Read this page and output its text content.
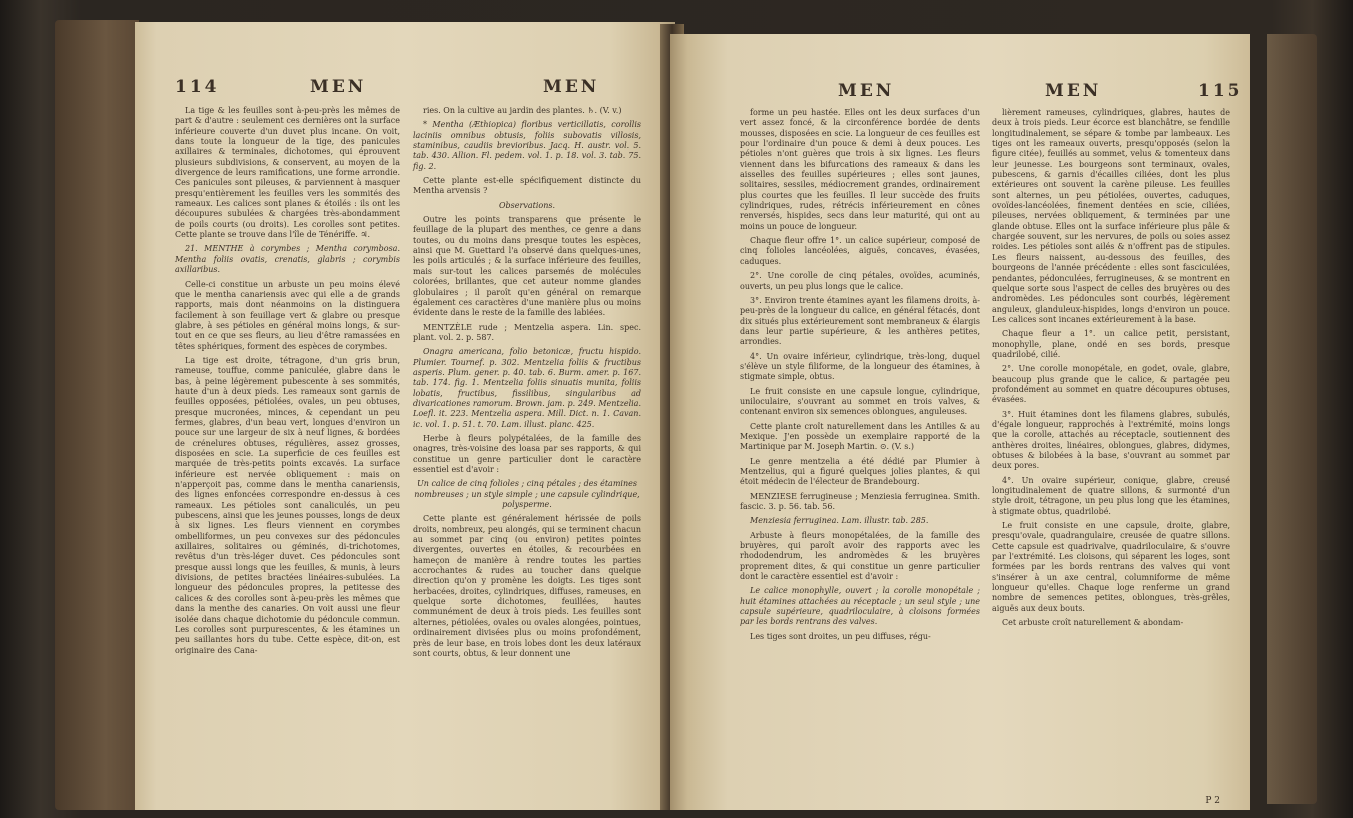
114	MEN	MEN

La tige & les feuilles sont à-peu-près les mêmes de part & d'autre : seulement ces dernières ont la surface inférieure couverte d'un duvet plus incane. On voit, dans toute la longueur de la tige, des panicules axillaires & terminales, dichotomes, qui éprouvent plusieurs subdivisions, & conservent, au moyen de la divergence de leurs ramifications, une forme arrondie. Ces panicules sont pileuses, & parviennent à masquer presqu'entièrement les feuilles vers les sommités des rameaux. Les calices sont planes & étoilés : ils ont les découpures subulées & chargées très-abondamment de poils courts (ou droits). Les corolles sont petites. Cette plante se trouve dans l'île de Ténériffe. ♃.

21. MENTHE à corymbes ; Mentha corymbosa. Mentha foliis ovatis, crenatis, glabris ; corymbis axillaribus.

Celle-ci constitue un arbuste un peu moins élevé que le mentha canariensis avec qui elle a de grands rapports, mais dont néanmoins on la distinguera facilement à son feuillage vert & glabre ou presque glabre, à ses pétioles en général moins longs, & sur-tout en ce que ses fleurs, au lieu d'être ramassées en têtes sphériques, forment des espèces de corymbes.

La tige est droite, tétragone, d'un gris brun, rameuse, touffue, comme paniculée, glabre dans le bas, à peine légèrement pubescente à ses sommités, haute d'un à deux pieds. Les rameaux sont garnis de feuilles opposées, pétiolées, ovales, un peu obtuses, presque mucronées, minces, & cependant un peu fermes, glabres, d'un beau vert, longues d'environ un pouce sur une largeur de six à neuf lignes, & bordées de crénelures obtuses, régulières, assez grosses, disposées en scie. La superficie de ces feuilles est marquée de très-petits points excavés. La surface inférieure est nervée obliquement : mais on n'apperçoit pas, comme dans le mentha canariensis, des lignes enfoncées correspondre en-dessus à ces rameaux. Les pétioles sont canaliculés, un peu pubescens, ainsi que les jeunes pousses, longs de deux à six lignes. Les fleurs viennent en corymbes ombelliformes, un peu convexes sur des pédoncules axillaires, solitaires ou géminés, di-trichotomes, revêtus d'un très-léger duvet. Ces pédoncules sont presque aussi longs que les feuilles, & munis, à leurs divisions, de petites bractées linéaires-subulées. La longueur des pédoncules propres, la petitesse des calices & des corolles sont à-peu-près les mêmes que dans la menthe des canaries. On voit aussi une fleur isolée dans chaque dichotomie du pédoncule commun. Les corolles sont purpurescentes, & les étamines un peu saillantes hors du tube. Cette espèce, dit-on, est originaire des Cana-

ries. On la cultive au jardin des plantes. ♄. (V. v.)

* Mentha (Æthiopica) floribus verticillatis, corollis laciniis omnibus obtusis, foliis subovatis villosis, staminibus, caudiis brevioribus. Jacq. H. austr. vol. 5. tab. 430. Allion. Fl. pedem. vol. 1. p. 18. vol. 3. tab. 75. fig. 2.

Cette plante est-elle spécifiquement distincte du Mentha arvensis ?

Observations.

Outre les points transparens que présente le feuillage de la plupart des menthes, ce genre a dans toutes, ou du moins dans presque toutes les espèces, ainsi que M. Guettard l'a observé dans quelques-unes, les poils articulés ; & la surface inférieure des feuilles, mais sur-tout les calices parsemés de molécules colorées, brillantes, que cet auteur nomme glandes globulaires ; il paroît qu'en général on remarque également ces caractères d'une manière plus ou moins évidente dans le reste de la famille des labiées.

MENTZÈLE rude ; Mentzelia aspera. Lin. spec. plant. vol. 2. p. 587.

Onagra americana, folio betonicæ, fructu hispido. Plumier. Tournef. p. 302. Mentzelia foliis & fructibus asperis. Plum. gener. p. 40. tab. 6. Burm. amer. p. 167. tab. 174. fig. 1. Mentzelia foliis sinuatis munita, foliis lobatis, fructibus, fissilibus, singularibus ad divaricationes ramorum. Brown. jam. p. 249. Mentzelia. Loefl. it. 223. Mentzelia aspera. Mill. Dict. n. 1. Cavan. ic. vol. 1. p. 51. t. 70. Lam. illust. planc. 425.

Herbe à fleurs polypétalées, de la famille des onagres, très-voisine des loasa par ses rapports, & qui constitue un genre particulier dont le caractère essentiel est d'avoir :

Un calice de cinq folioles ; cinq pétales ; des étamines nombreuses ; un style simple ; une capsule cylindrique, polysperme.

Cette plante est généralement hérissée de poils droits, nombreux, peu alongés, qui se terminent chacun au sommet par cinq (ou environ) petites pointes divergentes, ouvertes en étoiles, & recourbées en hameçon de manière à rendre toutes les parties accrochantes & rudes au toucher dans quelque direction qu'on y promène les doigts. Les tiges sont herbacées, droites, cylindriques, diffuses, rameuses, en quelque sorte dichotomes, feuillées, hautes communément de deux à trois pieds. Les feuilles sont alternes, pétiolées, ovales ou ovales alongées, pointues, ordinairement divisées plus ou moins profondément, près de leur base, en trois lobes dont les deux latéraux sont courts, obtus, & leur donnent une

MEN	MEN	115

forme un peu hastée. Elles ont les deux surfaces d'un vert assez foncé, & la circonférence bordée de dents mousses, disposées en scie. La longueur de ces feuilles est pour l'ordinaire d'un pouce & demi à deux pouces. Les pétioles n'ont guères que trois à six lignes. Les fleurs viennent dans les bifurcations des rameaux & dans les aisselles des feuilles supérieures ; elles sont jaunes, solitaires, sessiles, médiocrement grandes, ordinairement plus courtes que les feuilles. Il leur succède des fruits cylindriques, rudes, rétrécis inférieurement en cônes renversés, hispides, secs dans leur maturité, qui ont au moins un pouce de longueur.

Chaque fleur offre 1°. un calice supérieur, composé de cinq folioles lancéolées, aiguës, concaves, évasées, caduques.

2°. Une corolle de cinq pétales, ovoïdes, acuminés, ouverts, un peu plus longs que le calice.

3°. Environ trente étamines ayant les filamens droits, à-peu-près de la longueur du calice, en général fétacés, dont dix situés plus extérieurement sont membraneux & élargis dans leur partie supérieure, & les anthères petites, arrondies.

4°. Un ovaire inférieur, cylindrique, très-long, duquel s'élève un style filiforme, de la longueur des étamines, à stigmate simple, obtus.

Le fruit consiste en une capsule longue, cylindrique, uniloculaire, s'ouvrant au sommet en trois valves, & contenant environ six semences oblongues, anguleuses.

Cette plante croît naturellement dans les Antilles & au Mexique. J'en possède un exemplaire rapporté de la Martinique par M. Joseph Martin. ⊙. (V. s.)

Le genre mentzelia a été dédié par Plumier à Mentzelius, qui a figuré quelques jolies plantes, & qui étoit médecin de l'électeur de Brandebourg.

MENZIESE ferrugineuse ; Menziesia ferruginea. Smith. fascic. 3. p. 56. tab. 56.

Menziesia ferruginea. Lam. illustr. tab. 285.

Arbuste à fleurs monopétalées, de la famille des bruyères, qui paroît avoir des rapports avec les rhododendrum, les andromèdes & les bruyères proprement dites, & qui constitue un genre particulier dont le caractère essentiel est d'avoir :

Le calice monophylle, ouvert ; la corolle monopétale ; huit étamines attachées au réceptacle ; un seul style ; une capsule supérieure, quadriloculaire, à cloisons formées par les bords rentrans des valves.

Les tiges sont droites, un peu diffuses, régu-

lièrement rameuses, cylindriques, glabres, hautes de deux à trois pieds. Leur écorce est blanchâtre, se fendille longitudinalement, se sépare & tombe par lambeaux. Les tiges ont les rameaux ouverts, presqu'opposés (selon la figure citée), feuillés au sommet, velus & tomenteux dans leur jeunesse. Les bourgeons sont terminaux, ovales, pubescens, & garnis d'écailles ciliées, dont les plus extérieures ont souvent la carène pileuse. Les feuilles sont alternes, un peu pétiolées, ouvertes, caduques, ovoïdes-lancéolées, finement dentées en scie, ciliées, pileuses, nervées obliquement, & terminées par une glande obtuse. Elles ont la surface inférieure plus pâle & chargée souvent, sur les nervures, de poils ou soies assez roides. Les pétioles sont ailés & n'offrent pas de stipules. Les fleurs naissent, au-dessous des feuilles, des bourgeons de l'année précédente : elles sont fasciculées, pendantes, pédonculées, ferrugineuses, & se montrent en quelque sorte sous l'aspect de celles des bruyères ou des andromèdes. Les pédoncules sont courbés, légèrement anguleux, glanduleux-hispides, longs d'environ un pouce. Les calices sont incanes extérieurement à la base.

Chaque fleur a 1°. un calice petit, persistant, monophylle, plane, ondé en ses bords, presque quadrilobé, cilié.

2°. Une corolle monopétale, en godet, ovale, glabre, beaucoup plus grande que le calice, & partagée peu profondément au sommet en quatre découpures obtuses, évasées.

3°. Huit étamines dont les filamens glabres, subulés, d'égale longueur, rapprochés à l'extrémité, moins longs que la corolle, attachés au réceptacle, soutiennent des anthères droites, linéaires, oblongues, glabres, didymes, obtuses & bilobées à la base, s'ouvrant au sommet par deux pores.

4°. Un ovaire supérieur, conique, glabre, creusé longitudinalement de quatre sillons, & surmonté d'un style droit, tétragone, un peu plus long que les étamines, à stigmate obtus, quadrilobé.

Le fruit consiste en une capsule, droite, glabre, presqu'ovale, quadrangulaire, creusée de quatre sillons. Cette capsule est quadrivalve, quadriloculaire, & s'ouvre par l'extrémité. Les cloisons, qui séparent les loges, sont formées par les bords rentrans des valves qui vont s'insérer à un axe central, columniforme de même longueur qu'elles. Chaque loge renferme un grand nombre de semences petites, oblongues, très-grêles, aiguës aux deux bouts.

Cet arbuste croît naturellement & abondam-

P 2
